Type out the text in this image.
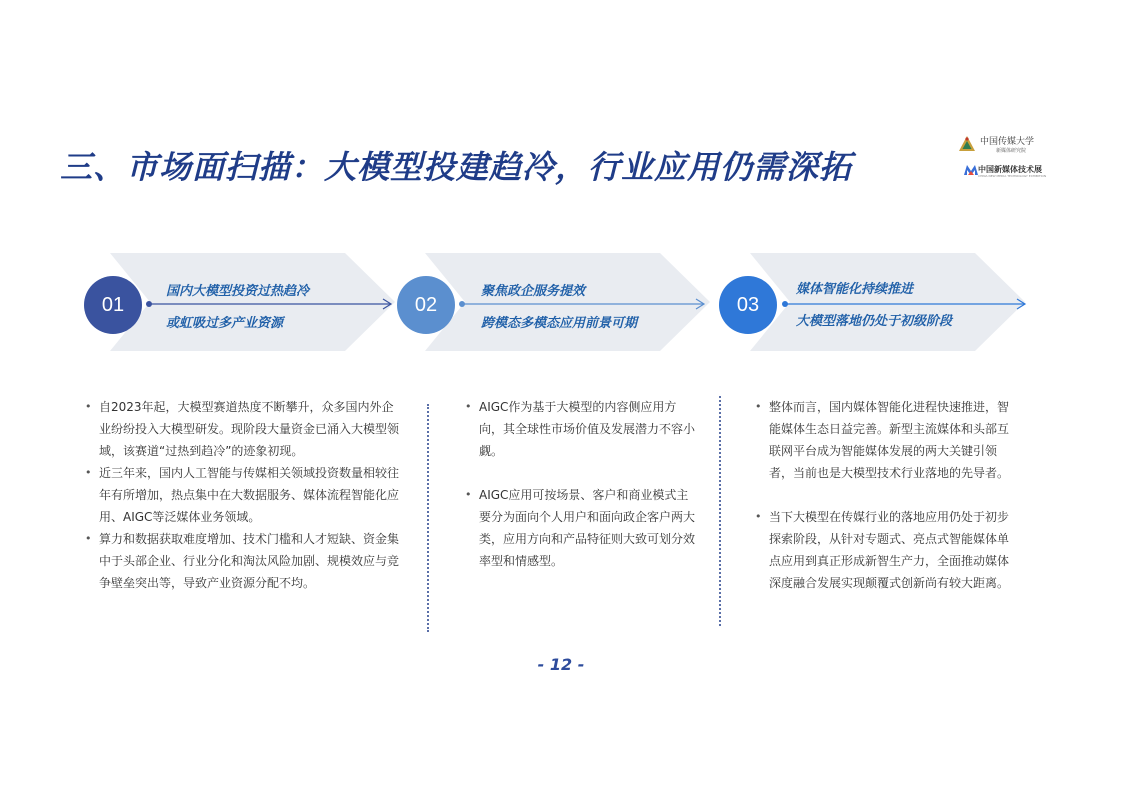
三、市场面扫描：大模型投建趋冷，行业应用仍需深拓
中国传媒大学
新媒体研究院
中国新媒体技术展
CHINA NEW MEDIA TECHNOLOGY EXHIBITION
01
国内大模型投资过热趋冷
或虹吸过多产业资源
02
聚焦政企服务提效
跨模态多模态应用前景可期
03
媒体智能化持续推进
大模型落地仍处于初级阶段
• 自2023年起，大模型赛道热度不断攀升，众多国内外企业纷纷投入大模型研发。现阶段大量资金已涌入大模型领域，该赛道“过热到趋冷”的迹象初现。
• 近三年来，国内人工智能与传媒相关领域投资数量相较往年有所增加，热点集中在大数据服务、媒体流程智能化应用、AIGC等泛媒体业务领域。
• 算力和数据获取难度增加、技术门槛和人才短缺、资金集中于头部企业、行业分化和淘汰风险加剧、规模效应与竞争壁垒突出等，导致产业资源分配不均。
• AIGC作为基于大模型的内容侧应用方向，其全球性市场价值及发展潜力不容小觑。
• AIGC应用可按场景、客户和商业模式主要分为面向个人用户和面向政企客户两大类，应用方向和产品特征则大致可划分效率型和情感型。
• 整体而言，国内媒体智能化进程快速推进，智能媒体生态日益完善。新型主流媒体和头部互联网平台成为智能媒体发展的两大关键引领者，当前也是大模型技术行业落地的先导者。
• 当下大模型在传媒行业的落地应用仍处于初步探索阶段，从针对专题式、亮点式智能媒体单点应用到真正形成新智生产力，全面推动媒体深度融合发展实现颠覆式创新尚有较大距离。
- 12 -
